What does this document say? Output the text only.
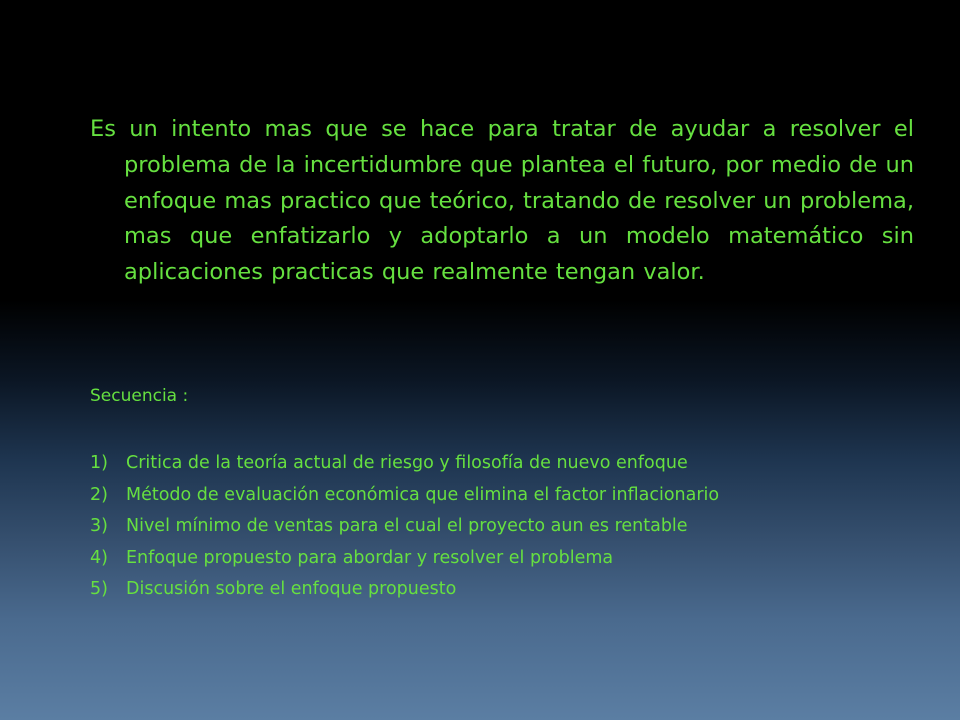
Es un intento mas que se hace para tratar de ayudar a resolver el problema de la incertidumbre que plantea el futuro, por medio de un enfoque mas practico que teórico, tratando de resolver un problema, mas que enfatizarlo y adoptarlo a un modelo matemático sin aplicaciones practicas que realmente tengan valor.

Secuencia :

1)	Critica de la teoría actual de riesgo y filosofía de nuevo enfoque
2)	Método de evaluación económica que elimina el factor inflacionario
3)	Nivel mínimo de ventas para el cual el proyecto aun es rentable
4)	Enfoque propuesto para abordar y resolver el problema
5)	Discusión sobre el enfoque propuesto
